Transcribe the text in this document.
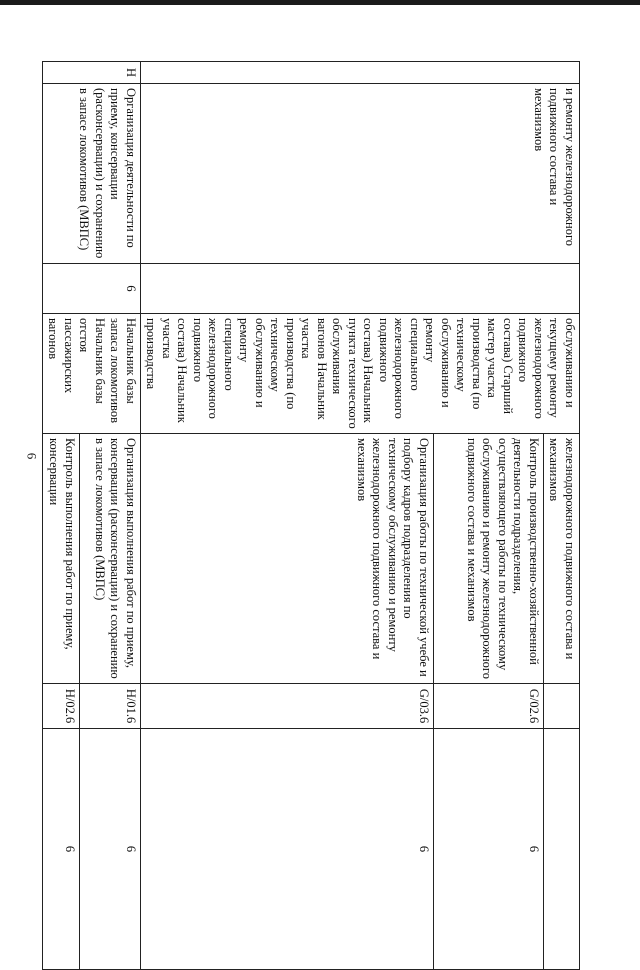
6
	и ремонту железнодорожного подвижного состава и механизмов		обслуживанию и текущему ремонту железнодорожного подвижного состава) Старший мастер участка производства (по техническому обслуживанию и ремонту специального железнодорожного подвижного состава) Начальник пункта технического обслуживания вагонов Начальник участка производства (по техническому обслуживанию и ремонту специального железнодорожного подвижного состава) Начальник участка производства	железнодорожного подвижного состава и механизмов		
				Контроль производственно-хозяйственной деятельности подразделения, осуществляющего работы по техническому обслуживанию и ремонту железнодорожного подвижного состава и механизмов	G/02.6	6
				Организация работы по технической учебе и подбору кадров подразделения по техническому обслуживанию и ремонту железнодорожного подвижного состава и механизмов	G/03.6	6
H	Организация деятельности по приему, консервации (расконсервации) и сохранению в запасе локомотивов (МВПС)	6	Начальник базы запаса локомотивов Начальник базы отстоя пассажирских вагонов	Организация выполнения работ по приему, консервации (расконсервации) и сохранению в запасе локомотивов (МВПС)	H/01.6	6
				Контроль выполнения работ по приему, консервации	H/02.6	6
